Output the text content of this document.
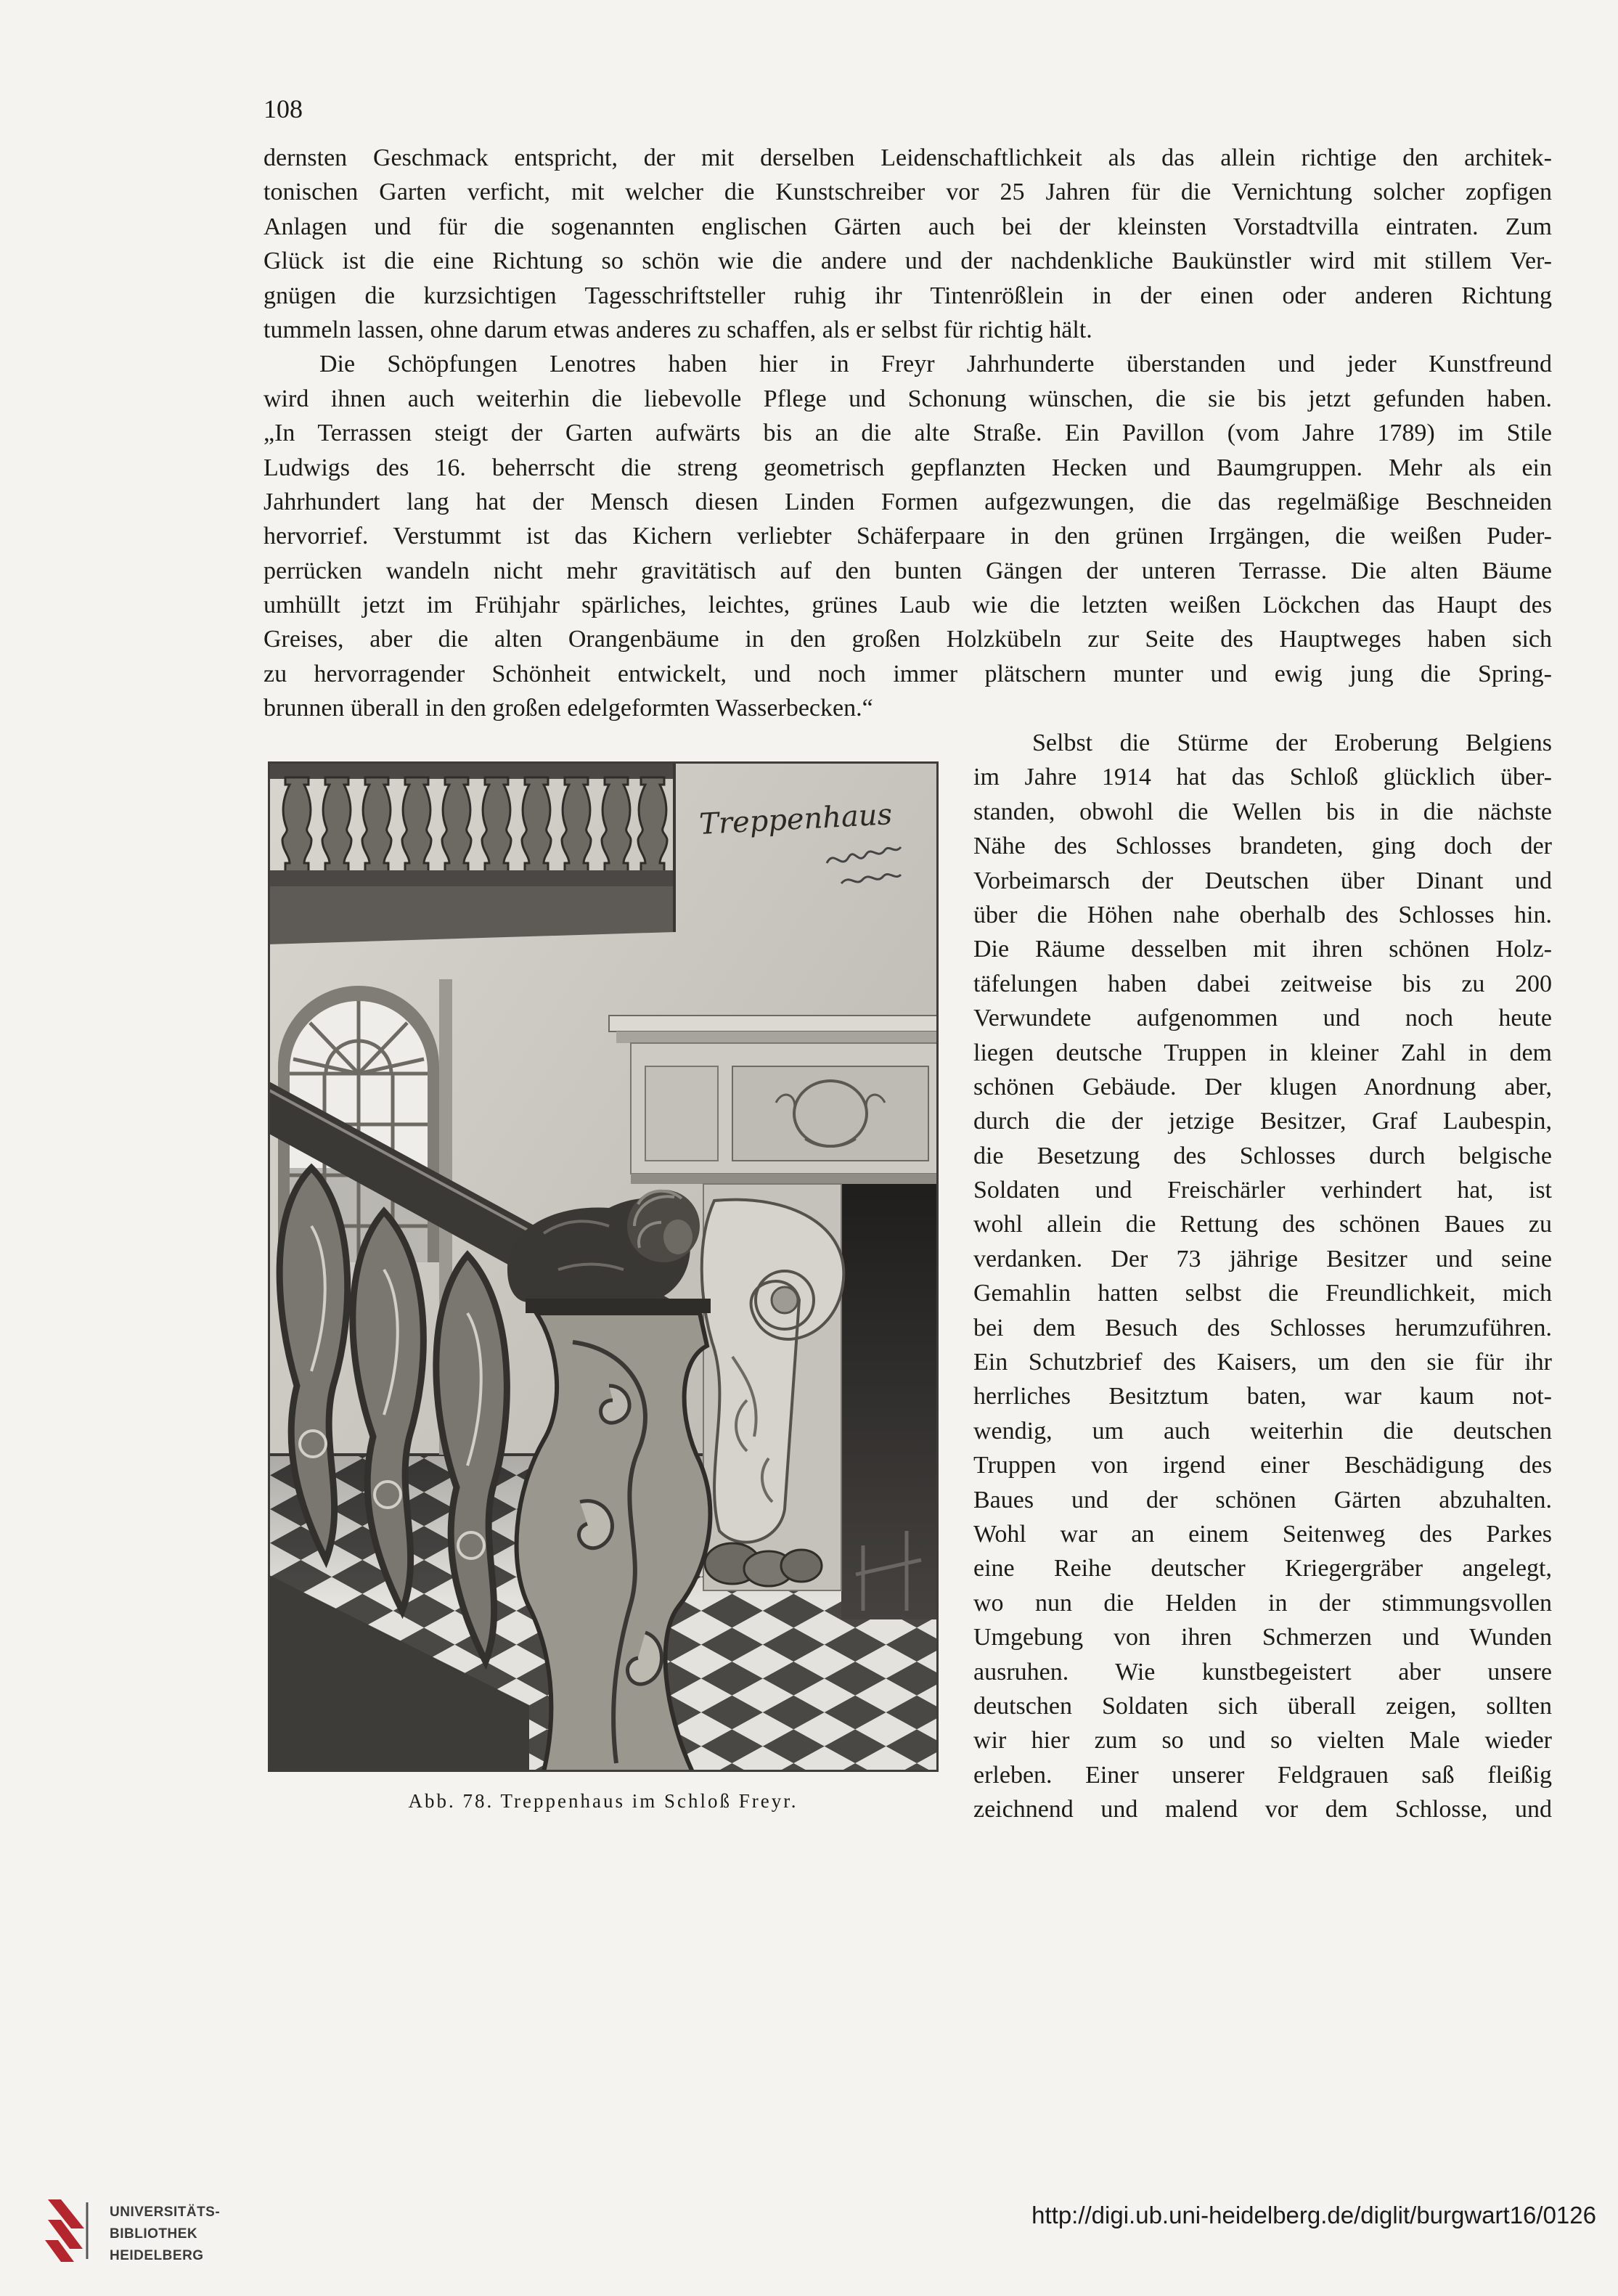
108
dernsten Geschmack entspricht, der mit derselben Leidenschaftlichkeit als das allein richtige den architek-
tonischen Garten verficht, mit welcher die Kunstschreiber vor 25 Jahren für die Vernichtung solcher zopfigen
Anlagen und für die sogenannten englischen Gärten auch bei der kleinsten Vorstadtvilla eintraten. Zum
Glück ist die eine Richtung so schön wie die andere und der nachdenkliche Baukünstler wird mit stillem Ver-
gnügen die kurzsichtigen Tagesschriftsteller ruhig ihr Tintenrößlein in der einen oder anderen Richtung
tummeln lassen, ohne darum etwas anderes zu schaffen, als er selbst für richtig hält.
Die Schöpfungen Lenotres haben hier in Freyr Jahrhunderte überstanden und jeder Kunstfreund
wird ihnen auch weiterhin die liebevolle Pflege und Schonung wünschen, die sie bis jetzt gefunden haben.
„In Terrassen steigt der Garten aufwärts bis an die alte Straße. Ein Pavillon (vom Jahre 1789) im Stile
Ludwigs des 16. beherrscht die streng geometrisch gepflanzten Hecken und Baumgruppen. Mehr als ein
Jahrhundert lang hat der Mensch diesen Linden Formen aufgezwungen, die das regelmäßige Beschneiden
hervorrief. Verstummt ist das Kichern verliebter Schäferpaare in den grünen Irrgängen, die weißen Puder-
perrücken wandeln nicht mehr gravitätisch auf den bunten Gängen der unteren Terrasse. Die alten Bäume
umhüllt jetzt im Frühjahr spärliches, leichtes, grünes Laub wie die letzten weißen Löckchen das Haupt des
Greises, aber die alten Orangenbäume in den großen Holzkübeln zur Seite des Hauptweges haben sich
zu hervorragender Schönheit entwickelt, und noch immer plätschern munter und ewig jung die Spring-
brunnen überall in den großen edelgeformten Wasserbecken.“
Selbst die Stürme der Eroberung Belgiens
im Jahre 1914 hat das Schloß glücklich über-
standen, obwohl die Wellen bis in die nächste
Nähe des Schlosses brandeten, ging doch der
Vorbeimarsch der Deutschen über Dinant und
über die Höhen nahe oberhalb des Schlosses hin.
Die Räume desselben mit ihren schönen Holz-
täfelungen haben dabei zeitweise bis zu 200
Verwundete aufgenommen und noch heute
liegen deutsche Truppen in kleiner Zahl in dem
schönen Gebäude. Der klugen Anordnung aber,
durch die der jetzige Besitzer, Graf Laubespin,
die Besetzung des Schlosses durch belgische
Soldaten und Freischärler verhindert hat, ist
wohl allein die Rettung des schönen Baues zu
verdanken. Der 73 jährige Besitzer und seine
Gemahlin hatten selbst die Freundlichkeit, mich
bei dem Besuch des Schlosses herumzuführen.
Ein Schutzbrief des Kaisers, um den sie für ihr
herrliches Besitztum baten, war kaum not-
wendig, um auch weiterhin die deutschen
Truppen von irgend einer Beschädigung des
Baues und der schönen Gärten abzuhalten.
Wohl war an einem Seitenweg des Parkes
eine Reihe deutscher Kriegergräber angelegt,
wo nun die Helden in der stimmungsvollen
Umgebung von ihren Schmerzen und Wunden
ausruhen. Wie kunstbegeistert aber unsere
deutschen Soldaten sich überall zeigen, sollten
wir hier zum so und so vielten Male wieder
erleben. Einer unserer Feldgrauen saß fleißig
zeichnend und malend vor dem Schlosse, und
Treppenhaus
Abb. 78. Treppenhaus im Schloß Freyr.
UNIVERSITÄTS-
BIBLIOTHEK
HEIDELBERG
http://digi.ub.uni-heidelberg.de/diglit/burgwart16/0126
